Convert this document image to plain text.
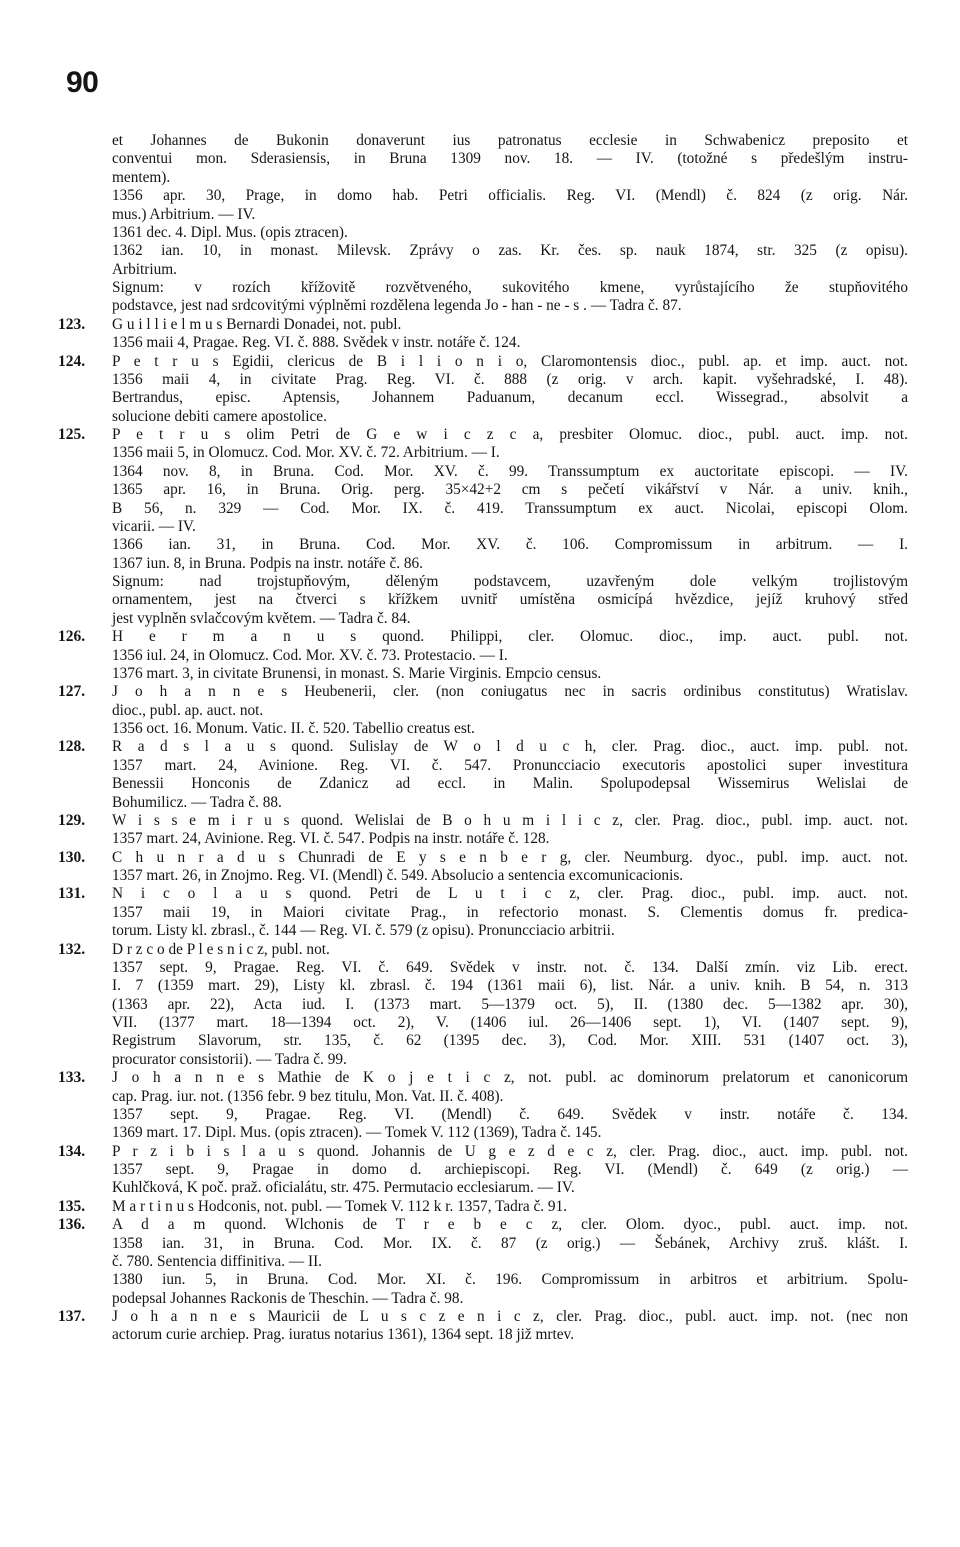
90
et Johannes de Bukonin donaverunt ius patronatus ecclesie in Schwabenicz preposito et
conventui mon. Sderasiensis, in Bruna 1309 nov. 18. — IV. (totožné s předešlým instru-
mentem).
1356 apr. 30, Prage, in domo hab. Petri officialis. Reg. VI. (Mendl) č. 824 (z orig. Nár.
mus.) Arbitrium. — IV.
1361 dec. 4. Dipl. Mus. (opis ztracen).
1362 ian. 10, in monast. Milevsk. Zprávy o zas. Kr. čes. sp. nauk 1874, str. 325 (z opisu).
Arbitrium.
Signum: v rozích křížovitě rozvětveného, sukovitého kmene, vyrůstajícího že stupňovitého
podstavce, jest nad srdcovitými výplněmi rozdělena legenda Jo - han - ne - s . — Tadra č. 87.
123.	G u i l l i e l m u s Bernardi Donadei, not. publ.
1356 maii 4, Pragae. Reg. VI. č. 888. Svědek v instr. notáře č. 124.
124.	P e t r u s Egidii, clericus de B i l i o n i o, Claromontensis dioc., publ. ap. et imp. auct. not.
1356 maii 4, in civitate Prag. Reg. VI. č. 888 (z orig. v arch. kapit. vyšehradské, I. 48).
Bertrandus, episc. Aptensis, Johannem Paduanum, decanum eccl. Wissegrad., absolvit a
solucione debiti camere apostolice.
125.	P e t r u s olim Petri de G e w i c z c a, presbiter Olomuc. dioc., publ. auct. imp. not.
1356 maii 5, in Olomucz. Cod. Mor. XV. č. 72. Arbitrium. — I.
1364 nov. 8, in Bruna. Cod. Mor. XV. č. 99. Transsumptum ex auctoritate episcopi. — IV.
1365 apr. 16, in Bruna. Orig. perg. 35×42+2 cm s pečetí vikářství v Nár. a univ. knih.,
B 56, n. 329 — Cod. Mor. IX. č. 419. Transsumptum ex auct. Nicolai, episcopi Olom.
vicarii. — IV.
1366 ian. 31, in Bruna. Cod. Mor. XV. č. 106. Compromissum in arbitrum. — I.
1367 iun. 8, in Bruna. Podpis na instr. notáře č. 86.
Signum: nad trojstupňovým, děleným podstavcem, uzavřeným dole velkým trojlistovým
ornamentem, jest na čtverci s křížkem uvnitř umístěna osmicípá hvězdice, jejíž kruhový střed
jest vyplněn svlačcovým květem. — Tadra č. 84.
126.	H e r m a n u s quond. Philippi, cler. Olomuc. dioc., imp. auct. publ. not.
1356 iul. 24, in Olomucz. Cod. Mor. XV. č. 73. Protestacio. — I.
1376 mart. 3, in civitate Brunensi, in monast. S. Marie Virginis. Empcio census.
127.	J o h a n n e s Heubenerii, cler. (non coniugatus nec in sacris ordinibus constitutus) Wratislav.
dioc., publ. ap. auct. not.
1356 oct. 16. Monum. Vatic. II. č. 520. Tabellio creatus est.
128.	R a d s l a u s quond. Sulislay de W o l d u c h, cler. Prag. dioc., auct. imp. publ. not.
1357 mart. 24, Avinione. Reg. VI. č. 547. Pronuncciacio executoris apostolici super investitura
Benessii Honconis de Zdanicz ad eccl. in Malin. Spolupodepsal Wissemirus Welislai de
Bohumilicz. — Tadra č. 88.
129.	W i s s e m i r u s quond. Welislai de B o h u m i l i c z, cler. Prag. dioc., publ. imp. auct. not.
1357 mart. 24, Avinione. Reg. VI. č. 547. Podpis na instr. notáře č. 128.
130.	C h u n r a d u s Chunradi de E y s e n b e r g, cler. Neumburg. dyoc., publ. imp. auct. not.
1357 mart. 26, in Znojmo. Reg. VI. (Mendl) č. 549. Absolucio a sentencia excomunicacionis.
131.	N i c o l a u s quond. Petri de L u t i c z, cler. Prag. dioc., publ. imp. auct. not.
1357 maii 19, in Maiori civitate Prag., in refectorio monast. S. Clementis domus fr. predica-
torum. Listy kl. zbrasl., č. 144 — Reg. VI. č. 579 (z opisu). Pronuncciacio arbitrii.
132.	D r z c o de P l e s n i c z, publ. not.
1357 sept. 9, Pragae. Reg. VI. č. 649. Svědek v instr. not. č. 134. Další zmín. viz Lib. erect.
I. 7 (1359 mart. 29), Listy kl. zbrasl. č. 194 (1361 maii 6), list. Nár. a univ. knih. B 54, n. 313
(1363 apr. 22), Acta iud. I. (1373 mart. 5—1379 oct. 5), II. (1380 dec. 5—1382 apr. 30),
VII. (1377 mart. 18—1394 oct. 2), V. (1406 iul. 26—1406 sept. 1), VI. (1407 sept. 9),
Registrum Slavorum, str. 135, č. 62 (1395 dec. 3), Cod. Mor. XIII. 531 (1407 oct. 3),
procurator consistorii). — Tadra č. 99.
133.	J o h a n n e s Mathie de K o j e t i c z, not. publ. ac dominorum prelatorum et canonicorum
cap. Prag. iur. not. (1356 febr. 9 bez titulu, Mon. Vat. II. č. 408).
1357 sept. 9, Pragae. Reg. VI. (Mendl) č. 649. Svědek v instr. notáře č. 134.
1369 mart. 17. Dipl. Mus. (opis ztracen). — Tomek V. 112 (1369), Tadra č. 145.
134.	P r z i b i s l a u s quond. Johannis de U g e z d e c z, cler. Prag. dioc., auct. imp. publ. not.
1357 sept. 9, Pragae in domo d. archiepiscopi. Reg. VI. (Mendl) č. 649 (z orig.) —
Kuhlčková, K poč. praž. oficialátu, str. 475. Permutacio ecclesiarum. — IV.
135.	M a r t i n u s Hodconis, not. publ. — Tomek V. 112 k r. 1357, Tadra č. 91.
136.	A d a m quond. Wlchonis de T r e b e c z, cler. Olom. dyoc., publ. auct. imp. not.
1358 ian. 31, in Bruna. Cod. Mor. IX. č. 87 (z orig.) — Šebánek, Archivy zruš. klášt. I.
č. 780. Sentencia diffinitiva. — II.
1380 iun. 5, in Bruna. Cod. Mor. XI. č. 196. Compromissum in arbitros et arbitrium. Spolu-
podepsal Johannes Rackonis de Theschin. — Tadra č. 98.
137.	J o h a n n e s Mauricii de L u s c z e n i c z, cler. Prag. dioc., publ. auct. imp. not. (nec non
actorum curie archiep. Prag. iuratus notarius 1361), 1364 sept. 18 již mrtev.
